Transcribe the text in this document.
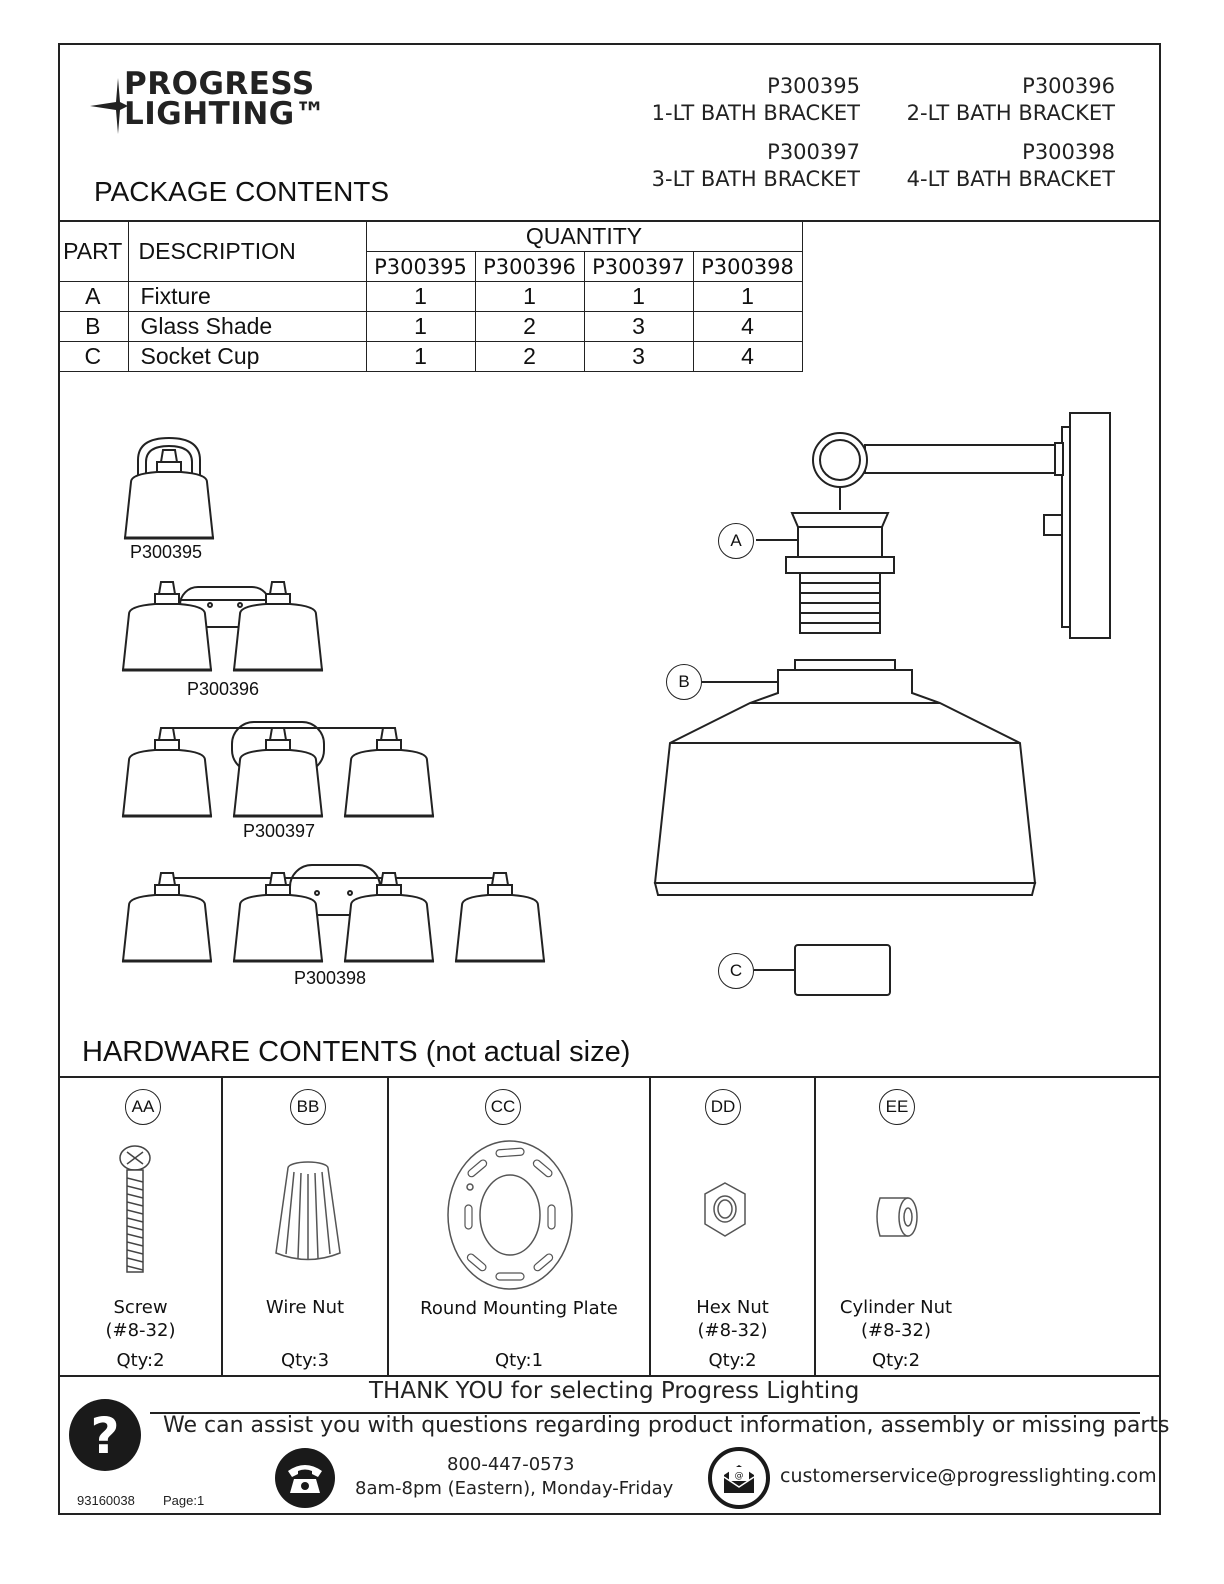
PROGRESS
LIGHTING™
P300395
1-LT BATH BRACKET
P300396
2-LT BATH BRACKET
P300397
3-LT BATH BRACKET
P300398
4-LT BATH BRACKET
PACKAGE CONTENTS
PART	DESCRIPTION	QUANTITY			
		P300395	P300396	P300397	P300398
A	Fixture	1	1	1	1
B	Glass Shade	1	2	3	4
C	Socket Cup	1	2	3	4
P300395
P300396
P300397
P300398
A
B
C
HARDWARE CONTENTS (not actual size)
AA
Screw
(#8-32)
Qty:2
BB
Wire Nut
Qty:3
CC
Round Mounting Plate
Qty:1
DD
Hex Nut
(#8-32)
Qty:2
EE
Cylinder Nut
(#8-32)
Qty:2
THANK YOU for selecting Progress Lighting
We can assist you with questions regarding product information, assembly or missing parts
?	800-447-0573
8am-8pm (Eastern), Monday-Friday
@ customerservice@progresslighting.com
93160038 Page:1
